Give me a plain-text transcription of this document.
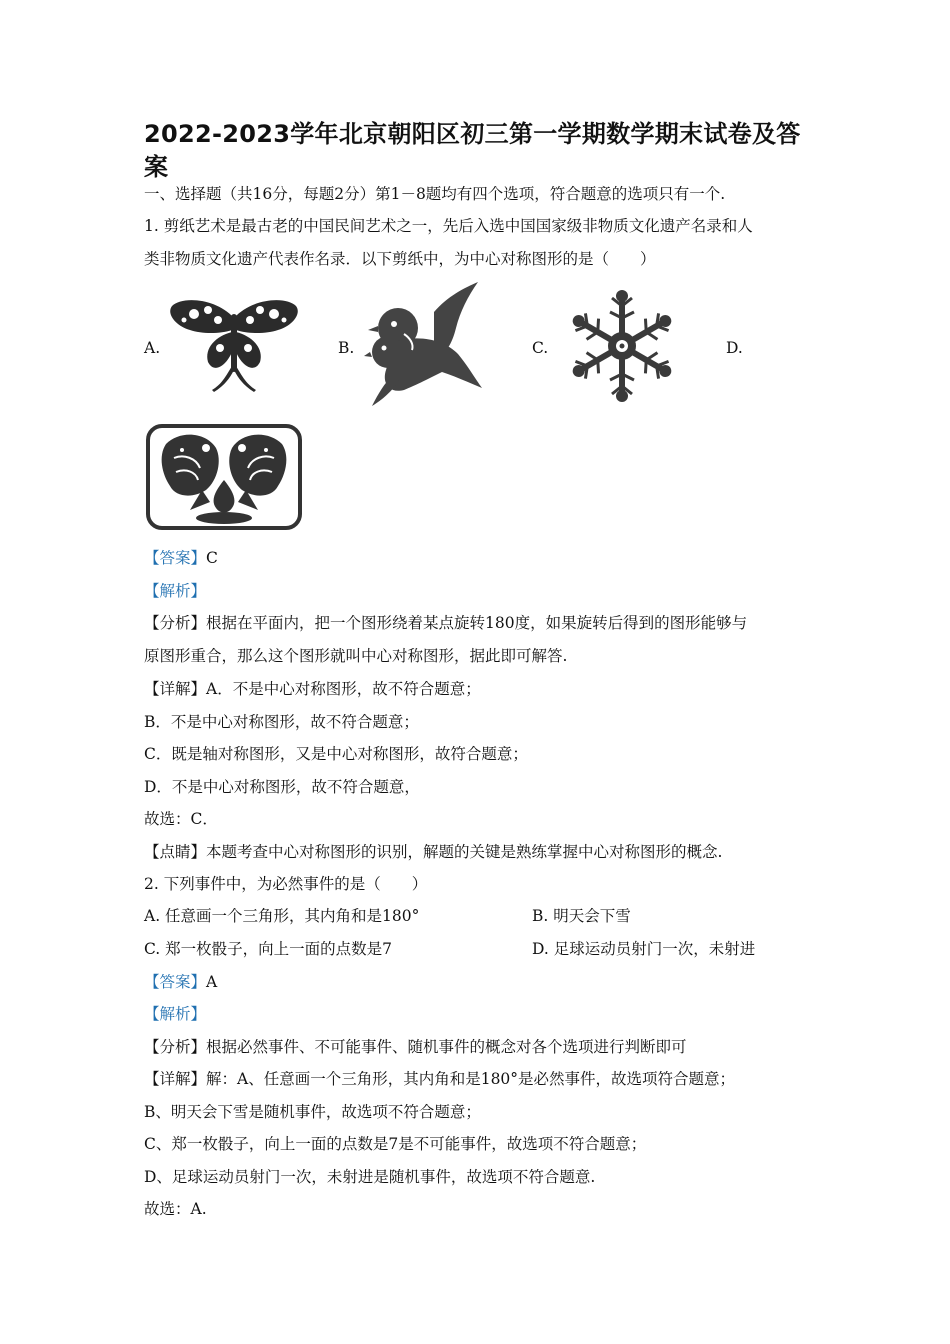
2022-2023学年北京朝阳区初三第一学期数学期末试卷及答案
一、选择题（共16分，每题2分）第1－8题均有四个选项，符合题意的选项只有一个.
1. 剪纸艺术是最古老的中国民间艺术之一，先后入选中国国家级非物质文化遗产名录和人
类非物质文化遗产代表作名录．以下剪纸中，为中心对称图形的是（　　）
A.	B.	C.	D.
【答案】C
【解析】
【分析】根据在平面内，把一个图形绕着某点旋转180度，如果旋转后得到的图形能够与
原图形重合，那么这个图形就叫中心对称图形，据此即可解答.
【详解】A．不是中心对称图形，故不符合题意；
B．不是中心对称图形，故不符合题意；
C．既是轴对称图形，又是中心对称图形，故符合题意；
D．不是中心对称图形，故不符合题意，
故选：C．
【点睛】本题考查中心对称图形的识别，解题的关键是熟练掌握中心对称图形的概念.
2. 下列事件中，为必然事件的是（　　）
A. 任意画一个三角形，其内角和是180°	B. 明天会下雪
C. 郑一枚骰子，向上一面的点数是7	D. 足球运动员射门一次，未射进
【答案】A
【解析】
【分析】根据必然事件、不可能事件、随机事件的概念对各个选项进行判断即可
【详解】解：A、任意画一个三角形，其内角和是180°是必然事件，故选项符合题意；
B、明天会下雪是随机事件，故选项不符合题意；
C、郑一枚骰子，向上一面的点数是7是不可能事件，故选项不符合题意；
D、足球运动员射门一次，未射进是随机事件，故选项不符合题意.
故选：A.
